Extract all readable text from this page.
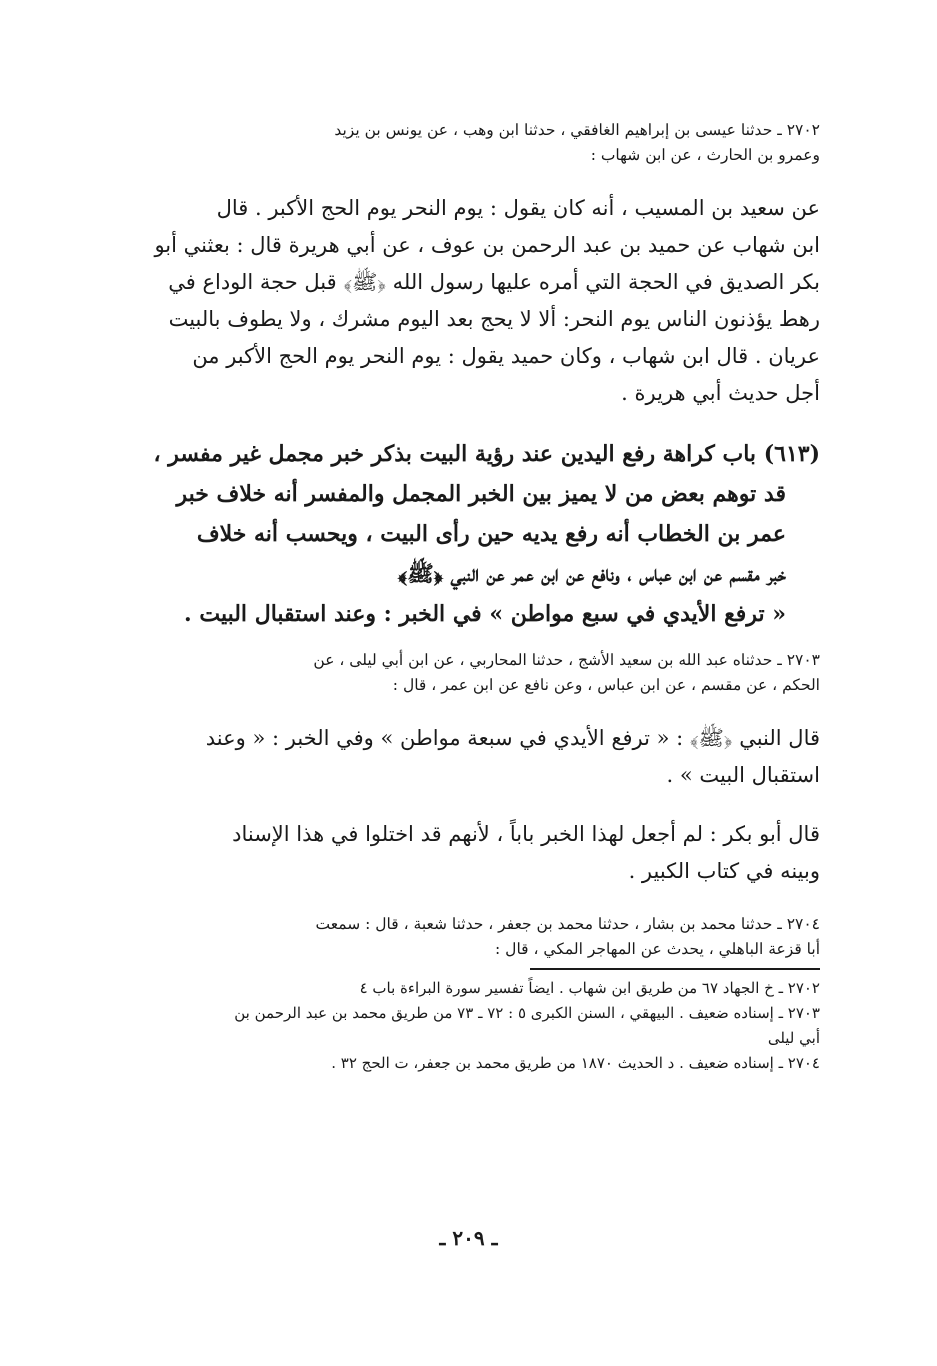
٢٧٠٢ ـ حدثنا عيسى بن إبراهيم الغافقي ، حدثنا ابن وهب ، عن يونس بن يزيد
وعمرو بن الحارث ، عن ابن شهاب :
عن سعيد بن المسيب ، أنه كان يقول : يوم النحر يوم الحج الأكبر . قال
ابن شهاب عن حميد بن عبد الرحمن بن عوف ، عن أبي هريرة قال : بعثني أبو
بكر الصديق في الحجة التي أمره عليها رسول الله ﴿ﷺ﴾ قبل حجة الوداع في
رهط يؤذنون الناس يوم النحر: ألا لا يحج بعد اليوم مشرك ، ولا يطوف بالبيت
عريان . قال ابن شهاب ، وكان حميد يقول : يوم النحر يوم الحج الأكبر من
أجل حديث أبي هريرة .
(٦١٣) باب كراهة رفع اليدين عند رؤية البيت بذكر خبر مجمل غير مفسر ،
قد توهم بعض من لا يميز بين الخبر المجمل والمفسر أنه خلاف خبر
عمر بن الخطاب أنه رفع يديه حين رأى البيت ، ويحسب أنه خلاف
خبر مقسم عن ابن عباس ، ونافع عن ابن عمر عن النبي ﴿ﷺ﴾
« ترفع الأيدي في سبع مواطن » في الخبر : وعند استقبال البيت .
٢٧٠٣ ـ حدثناه عبد الله بن سعيد الأشج ، حدثنا المحاربي ، عن ابن أبي ليلى ، عن
الحكم ، عن مقسم ، عن ابن عباس ، وعن نافع عن ابن عمر ، قال :
قال النبي ﴿ﷺ﴾ : « ترفع الأيدي في سبعة مواطن » وفي الخبر : « وعند
استقبال البيت » .
قال أبو بكر : لم أجعل لهذا الخبر باباً ، لأنهم قد اختلوا في هذا الإسناد
وبينه في كتاب الكبير .
٢٧٠٤ ـ حدثنا محمد بن بشار ، حدثنا محمد بن جعفر ، حدثنا شعبة ، قال : سمعت
أبا قزعة الباهلي ، يحدث عن المهاجر المكي ، قال :
٢٧٠٢ ـ خ الجهاد ٦٧ من طريق ابن شهاب . ايضاً تفسير سورة البراءة باب ٤
٢٧٠٣ ـ إسناده ضعيف . البيهقي ، السنن الكبرى ٥ : ٧٢ ـ ٧٣ من طريق محمد بن عبد الرحمن بن
أبي ليلى
٢٧٠٤ ـ إسناده ضعيف . د الحديث ١٨٧٠ من طريق محمد بن جعفر، ت الحج ٣٢ .
ـ ٢٠٩ ـ
